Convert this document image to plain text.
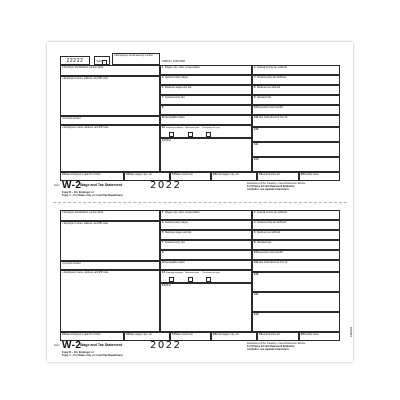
22222	Void
a Employee's social security number
OMB No. 1545-0008
b Employer identification number (EIN)
c Employer's name, address, and ZIP code
d Control number
e Employee's name, address, and ZIP code
1 Wages, tips, other compensation	2 Federal income tax withheld
3 Social security wages	4 Social security tax withheld
5 Medicare wages and tips	6 Medicare tax withheld
7 Social security tips	8 Allocated tips
9	10 Dependent care benefits
11 Nonqualified plans	12a See instructions for box 12
13 Statutory employee Retirement plan Third-party sick pay
14 Other
12b
12c
12d
15 State Employer's state ID number	16 State wages, tips, etc.	17 State income tax	18 Local wages, tips, etc.	19 Local income tax	20 Locality name
Form W-2
Wage and Tax Statement	2022
Copy D – For Employer or
Copy 1 – For State, City, or Local Tax Department
Department of the Treasury—Internal Revenue Service
For Privacy Act and Paperwork Reduction
Act Notice, see separate instructions.
b Employer identification number (EIN)
c Employer's name, address, and ZIP code
d Control number
e Employee's name, address, and ZIP code
1 Wages, tips, other compensation	2 Federal income tax withheld
3 Social security wages	4 Social security tax withheld
5 Medicare wages and tips	6 Medicare tax withheld
7 Social security tips	8 Allocated tips
9	10 Dependent care benefits
11 Nonqualified plans	12a See instructions for box 12
13 Statutory employee Retirement plan Third-party sick pay
14 Other
12b
12c
12d
15 State Employer's state ID number	16 State wages, tips, etc.	17 State income tax	18 Local wages, tips, etc.	19 Local income tax	20 Locality name
Form W-2
Wage and Tax Statement	2022
Copy D – For Employer or
Copy 1 – For State, City, or Local Tax Department
Department of the Treasury—Internal Revenue Service
For Privacy Act and Paperwork Reduction
Act Notice, see separate instructions.
LW2ER
